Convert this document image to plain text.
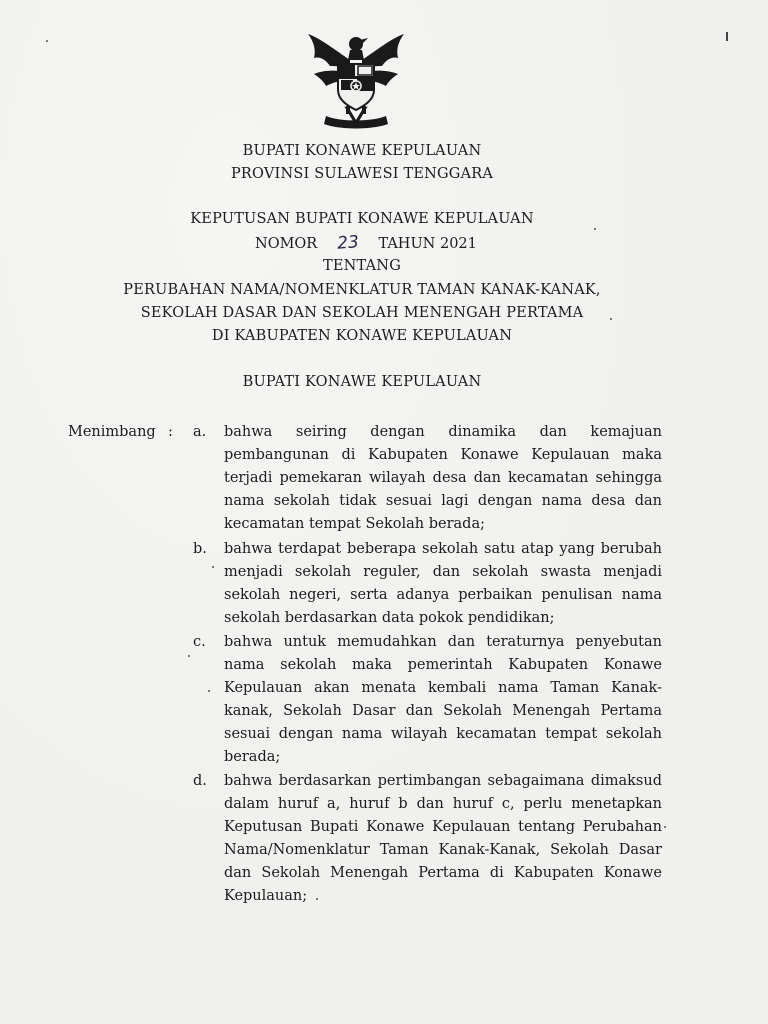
BUPATI KONAWE KEPULAUAN
PROVINSI SULAWESI TENGGARA
KEPUTUSAN BUPATI KONAWE KEPULAUAN
NOMOR 23 TAHUN 2021
TENTANG
PERUBAHAN NAMA/NOMENKLATUR TAMAN KANAK-KANAK,
SEKOLAH DASAR DAN SEKOLAH MENENGAH PERTAMA
DI KABUPATEN KONAWE KEPULAUAN
BUPATI KONAWE KEPULAUAN
Menimbang : a. bahwa seiring dengan dinamika dan kemajuan
pembangunan di Kabupaten Konawe Kepulauan maka
terjadi pemekaran wilayah desa dan kecamatan sehingga
nama sekolah tidak sesuai lagi dengan nama desa dan
kecamatan tempat Sekolah berada;
b. bahwa terdapat beberapa sekolah satu atap yang berubah
menjadi sekolah reguler, dan sekolah swasta menjadi
sekolah negeri, serta adanya perbaikan penulisan nama
sekolah berdasarkan data pokok pendidikan;
c. bahwa untuk memudahkan dan teraturnya penyebutan
nama sekolah maka pemerintah Kabupaten Konawe
Kepulauan akan menata kembali nama Taman Kanak-
kanak, Sekolah Dasar dan Sekolah Menengah Pertama
sesuai dengan nama wilayah kecamatan tempat sekolah
berada;
d. bahwa berdasarkan pertimbangan sebagaimana dimaksud
dalam huruf a, huruf b dan huruf c, perlu menetapkan
Keputusan Bupati Konawe Kepulauan tentang Perubahan
Nama/Nomenklatur Taman Kanak-Kanak, Sekolah Dasar
dan Sekolah Menengah Pertama di Kabupaten Konawe
Kepulauan;
